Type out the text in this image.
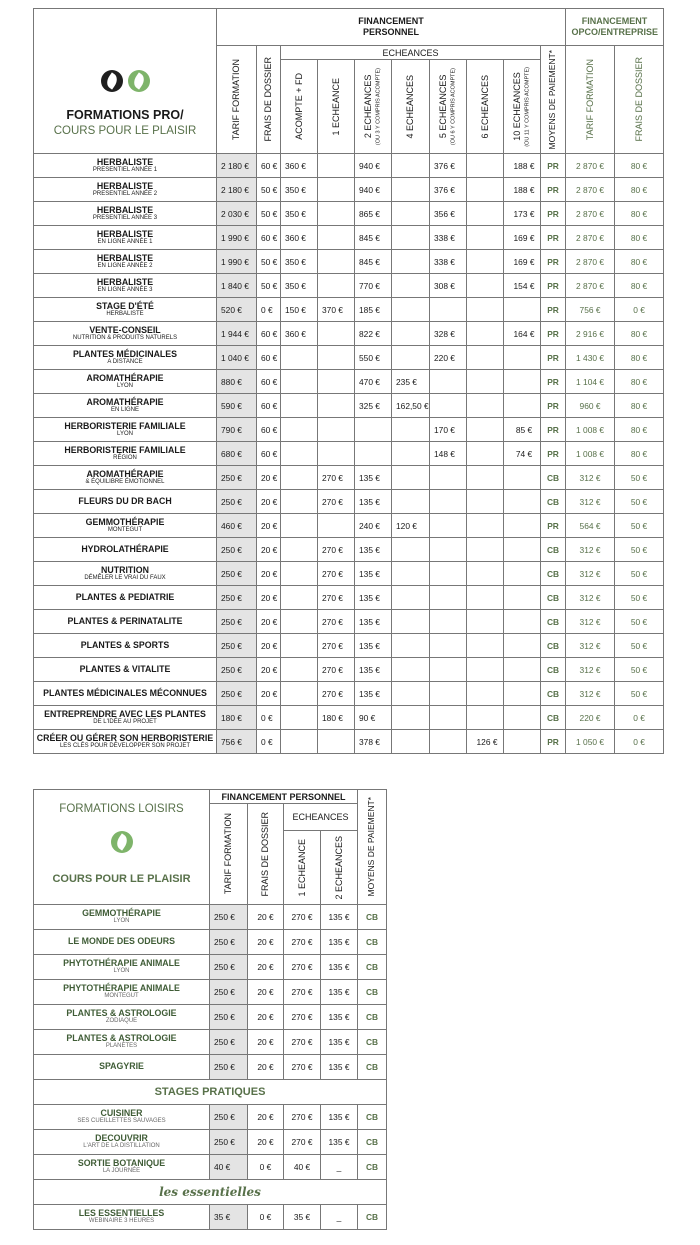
FORMATIONS PRO/
COURS POUR LE PLAISIR	FINANCEMENT PERSONNEL										FINANCEMENT OPCO/ENTREPRISE	

	TARIF FORMATION	FRAIS DE DOSSIER	ECHEANCES							MOYENS DE PAIEMENT*	TARIF FORMATION	FRAIS DE DOSSIER

			ACOMPTE + FD	1 ECHEANCE	2 ECHEANCES (OU 3 Y COMPRIS ACOMPTE)	4 ECHEANCES	5 ECHEANCES (OU 6 Y COMPRIS ACOMPTE)	6 ECHEANCES	10 ECHEANCES (OU 11 Y COMPRIS ACOMPTE)			

HERBALISTE
PRESENTIEL ANNÉE 1	2 180 €	60 €	360 €		940 €		376 €		188 €	PR	2 870 €	80 €

HERBALISTE
PRESENTIEL ANNÉE 2	2 180 €	50 €	350 €		940 €		376 €		188 €	PR	2 870 €	80 €

HERBALISTE
PRESENTIEL ANNÉE 3	2 030 €	50 €	350 €		865 €		356 €		173 €	PR	2 870 €	80 €

HERBALISTE
EN LIGNE ANNÉE 1	1 990 €	60 €	360 €		845 €		338 €		169 €	PR	2 870 €	80 €

HERBALISTE
EN LIGNE ANNÉE 2	1 990 €	50 €	350 €		845 €		338 €		169 €	PR	2 870 €	80 €

HERBALISTE
EN LIGNE ANNÉE 3	1 840 €	50 €	350 €		770 €		308 €		154 €	PR	2 870 €	80 €

STAGE D'ÉTÉ
HERBALISTE	520 €	0 €	150 €	370 €	185 €					PR	756 €	0 €

VENTE-CONSEIL
NUTRITION & PRODUITS NATURELS	1 944 €	60 €	360 €		822 €		328 €		164 €	PR	2 916 €	80 €

PLANTES MÉDICINALES
A DISTANCE	1 040 €	60 €			550 €		220 €			PR	1 430 €	80 €

AROMATHÉRAPIE
LYON	880 €	60 €			470 €	235 €				PR	1 104 €	80 €

AROMATHÉRAPIE
EN LIGNE	590 €	60 €			325 €	162,50 €				PR	960 €	80 €

HERBORISTERIE FAMILIALE
LYON	790 €	60 €					170 €		85 €	PR	1 008 €	80 €

HERBORISTERIE FAMILIALE
RÉGION	680 €	60 €					148 €		74 €	PR	1 008 €	80 €

AROMATHÉRAPIE
& ÉQUILIBRE ÉMOTIONNEL	250 €	20 €		270 €	135 €					CB	312 €	50 €

FLEURS DU DR BACH	250 €	20 €		270 €	135 €					CB	312 €	50 €

GEMMOTHÉRAPIE
MONTEGUT	460 €	20 €			240 €	120 €				PR	564 €	50 €

HYDROLATHÉRAPIE	250 €	20 €		270 €	135 €					CB	312 €	50 €

NUTRITION
DÉMÊLER LE VRAI DU FAUX	250 €	20 €		270 €	135 €					CB	312 €	50 €

PLANTES & PEDIATRIE	250 €	20 €		270 €	135 €					CB	312 €	50 €

PLANTES & PERINATALITE	250 €	20 €		270 €	135 €					CB	312 €	50 €

PLANTES & SPORTS	250 €	20 €		270 €	135 €					CB	312 €	50 €

PLANTES & VITALITE	250 €	20 €		270 €	135 €					CB	312 €	50 €

PLANTES MÉDICINALES MÉCONNUES	250 €	20 €		270 €	135 €					CB	312 €	50 €

ENTREPRENDRE AVEC LES PLANTES
DE L'IDÉE AU PROJET	180 €	0 €		180 €	90 €					CB	220 €	0 €

CRÉER OU GÉRER SON HERBORISTERIE
LES CLÉS POUR DÉVELOPPER SON PROJET	756 €	0 €			378 €			126 €		PR	1 050 €	0 €
FORMATIONS LOISIRS
COURS POUR LE PLAISIR	FINANCEMENT PERSONNEL				MOYENS DE PAIEMENT*

	TARIF FORMATION	FRAIS DE DOSSIER	ECHEANCES		

			1 ECHEANCE	2 ECHEANCES	

GEMMOTHÉRAPIE
LYON	250 €	20 €	270 €	135 €	CB

LE MONDE DES ODEURS	250 €	20 €	270 €	135 €	CB

PHYTOTHÉRAPIE ANIMALE
LYON	250 €	20 €	270 €	135 €	CB

PHYTOTHÉRAPIE ANIMALE
MONTEGUT	250 €	20 €	270 €	135 €	CB

PLANTES & ASTROLOGIE
ZODIAQUE	250 €	20 €	270 €	135 €	CB

PLANTES & ASTROLOGIE
PLANÈTES	250 €	20 €	270 €	135 €	CB

SPAGYRIE	250 €	20 €	270 €	135 €	CB
STAGES PRATIQUES					

CUISINER
SES CUEILLETTES SAUVAGES	250 €	20 €	270 €	135 €	CB

DECOUVRIR
L'ART DE LA DISTILLATION	250 €	20 €	270 €	135 €	CB

SORTIE BOTANIQUE
LA JOURNÉE	40 €	0 €	40 €	_	CB
les essentielles					

LES ESSENTIELLES
WEBINAIRE 3 HEURES	35 €	0 €	35 €	_	CB
